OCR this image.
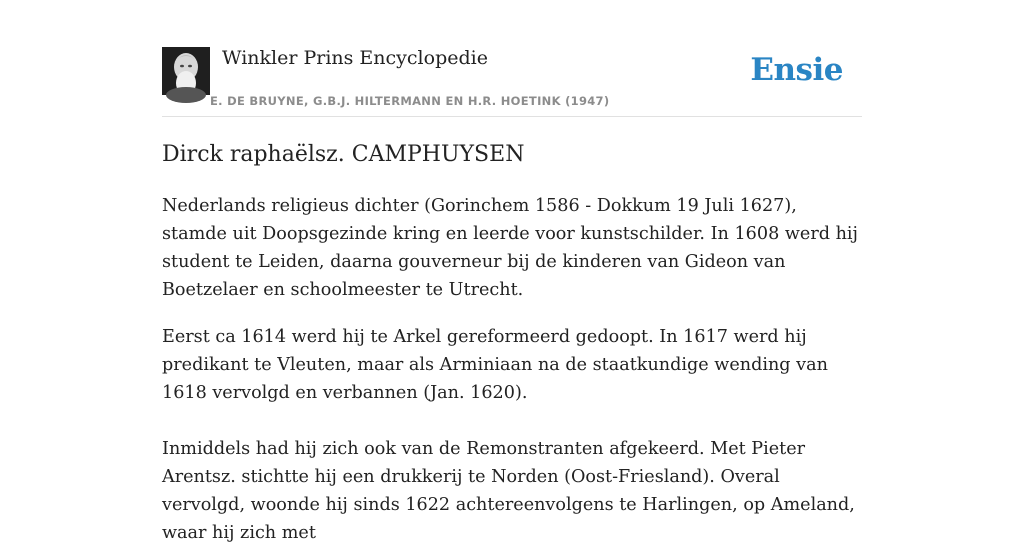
Winkler Prins Encyclopedie
E. DE BRUYNE, G.B.J. HILTERMANN EN H.R. HOETINK (1947)
Ensie
Dirck raphaëlsz. CAMPHUYSEN

Nederlands religieus dichter (Gorinchem 1586 - Dokkum 19 Juli 1627), stamde uit Doopsgezinde kring en leerde voor kunstschilder. In 1608 werd hij student te Leiden, daarna gouverneur bij de kinderen van Gideon van Boetzelaer en schoolmeester te Utrecht.

Eerst ca 1614 werd hij te Arkel gereformeerd gedoopt. In 1617 werd hij predikant te Vleuten, maar als Arminiaan na de staatkundige wending van 1618 vervolgd en verbannen (Jan. 1620).

Inmiddels had hij zich ook van de Remonstranten afgekeerd. Met Pieter Arentsz. stichtte hij een drukkerij te Norden (Oost-Friesland). Overal vervolgd, woonde hij sinds 1622 achtereenvolgens te Harlingen, op Ameland, waar hij zich met
